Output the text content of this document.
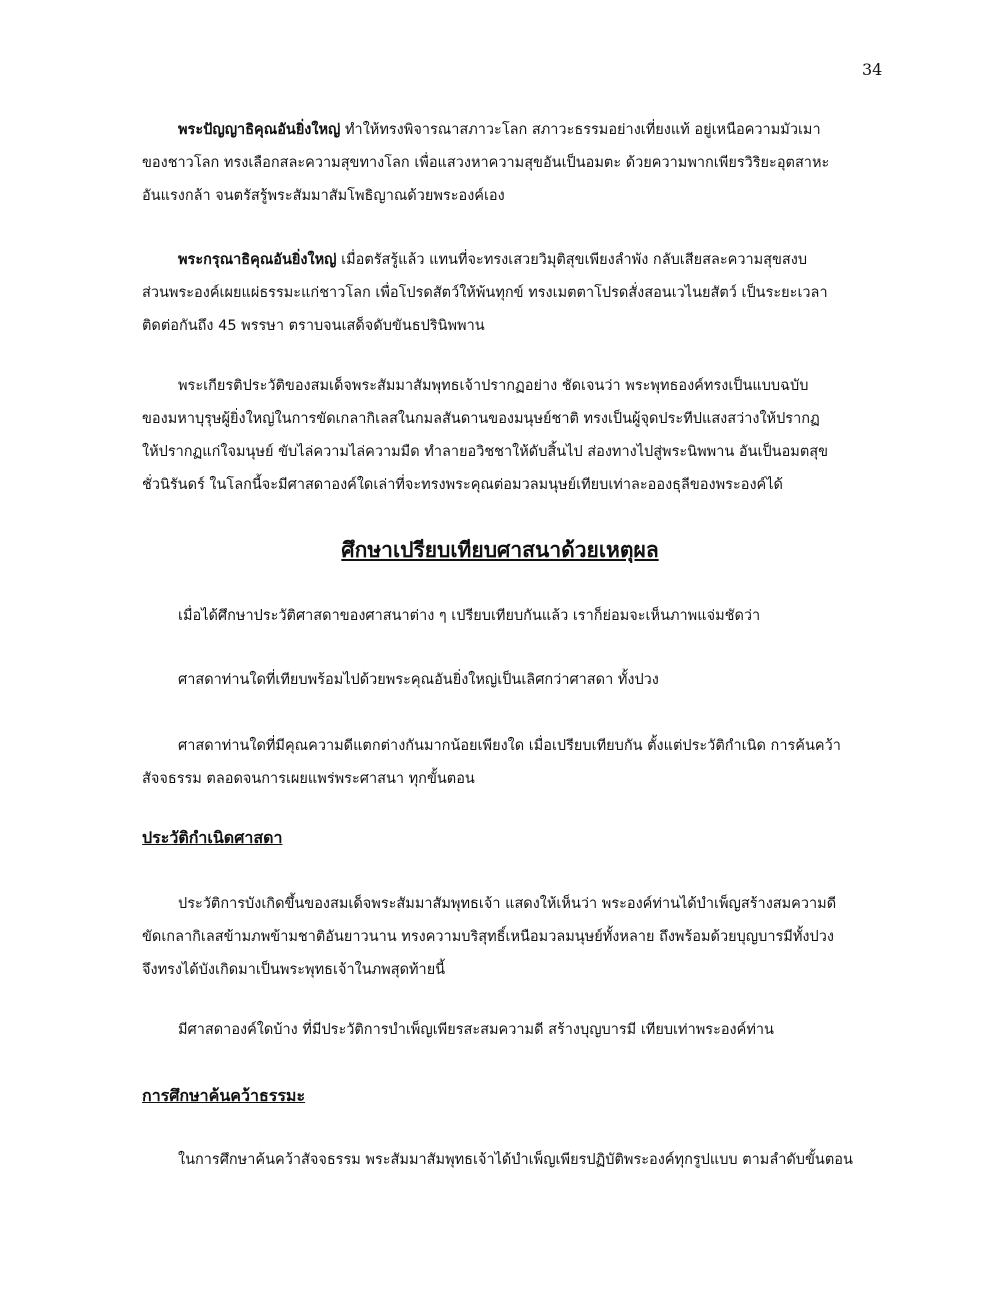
34
พระปัญญาธิคุณอันยิ่งใหญ่ ทำให้ทรงพิจารณาสภาวะโลก สภาวะธรรมอย่างเที่ยงแท้ อยู่เหนือความมัวเมา
ของชาวโลก ทรงเลือกสละความสุขทางโลก เพื่อแสวงหาความสุขอันเป็นอมตะ ด้วยความพากเพียรวิริยะอุตสาหะ
อันแรงกล้า จนตรัสรู้พระสัมมาสัมโพธิญาณด้วยพระองค์เอง
พระกรุณาธิคุณอันยิ่งใหญ่ เมื่อตรัสรู้แล้ว แทนที่จะทรงเสวยวิมุติสุขเพียงลำพัง กลับเสียสละความสุขสงบ
ส่วนพระองค์เผยแผ่ธรรมะแก่ชาวโลก เพื่อโปรดสัตว์ให้พ้นทุกข์ ทรงเมตตาโปรดสั่งสอนเวไนยสัตว์ เป็นระยะเวลา
ติดต่อกันถึง 45 พรรษา ตราบจนเสด็จดับขันธปรินิพพาน
พระเกียรติประวัติของสมเด็จพระสัมมาสัมพุทธเจ้าปรากฏอย่าง ชัดเจนว่า พระพุทธองค์ทรงเป็นแบบฉบับ
ของมหาบุรุษผู้ยิ่งใหญ่ในการขัดเกลากิเลสในกมลสันดานของมนุษย์ชาติ ทรงเป็นผู้จุดประทีปแสงสว่างให้ปรากฏ
ให้ปรากฏแก่ใจมนุษย์ ขับไล่ความไล่ความมืด ทำลายอวิชชาให้ดับสิ้นไป ส่องทางไปสู่พระนิพพาน อันเป็นอมตสุข
ชั่วนิรันดร์ ในโลกนี้จะมีศาสดาองค์ใดเล่าที่จะทรงพระคุณต่อมวลมนุษย์เทียบเท่าละอองธุลีของพระองค์ได้
ศึกษาเปรียบเทียบศาสนาด้วยเหตุผล
เมื่อได้ศึกษาประวัติศาสดาของศาสนาต่าง ๆ เปรียบเทียบกันแล้ว เราก็ย่อมจะเห็นภาพแจ่มชัดว่า
ศาสดาท่านใดที่เทียบพร้อมไปด้วยพระคุณอันยิ่งใหญ่เป็นเลิศกว่าศาสดา ทั้งปวง
ศาสดาท่านใดที่มีคุณความดีแตกต่างกันมากน้อยเพียงใด เมื่อเปรียบเทียบกัน ตั้งแต่ประวัติกำเนิด การค้นคว้า
สัจจธรรม ตลอดจนการเผยแพร่พระศาสนา ทุกขั้นตอน
ประวัติกำเนิดศาสดา
ประวัติการบังเกิดขึ้นของสมเด็จพระสัมมาสัมพุทธเจ้า แสดงให้เห็นว่า พระองค์ท่านได้บำเพ็ญสร้างสมความดี
ขัดเกลากิเลสข้ามภพข้ามชาติอันยาวนาน ทรงความบริสุทธิ์เหนือมวลมนุษย์ทั้งหลาย ถึงพร้อมด้วยบุญบารมีทั้งปวง
จึงทรงได้บังเกิดมาเป็นพระพุทธเจ้าในภพสุดท้ายนี้
มีศาสดาองค์ใดบ้าง ที่มีประวัติการบำเพ็ญเพียรสะสมความดี สร้างบุญบารมี เทียบเท่าพระองค์ท่าน
การศึกษาค้นคว้าธรรมะ
ในการศึกษาค้นคว้าสัจจธรรม พระสัมมาสัมพุทธเจ้าได้บำเพ็ญเพียรปฏิบัติพระองค์ทุกรูปแบบ ตามลำดับขั้นตอน
